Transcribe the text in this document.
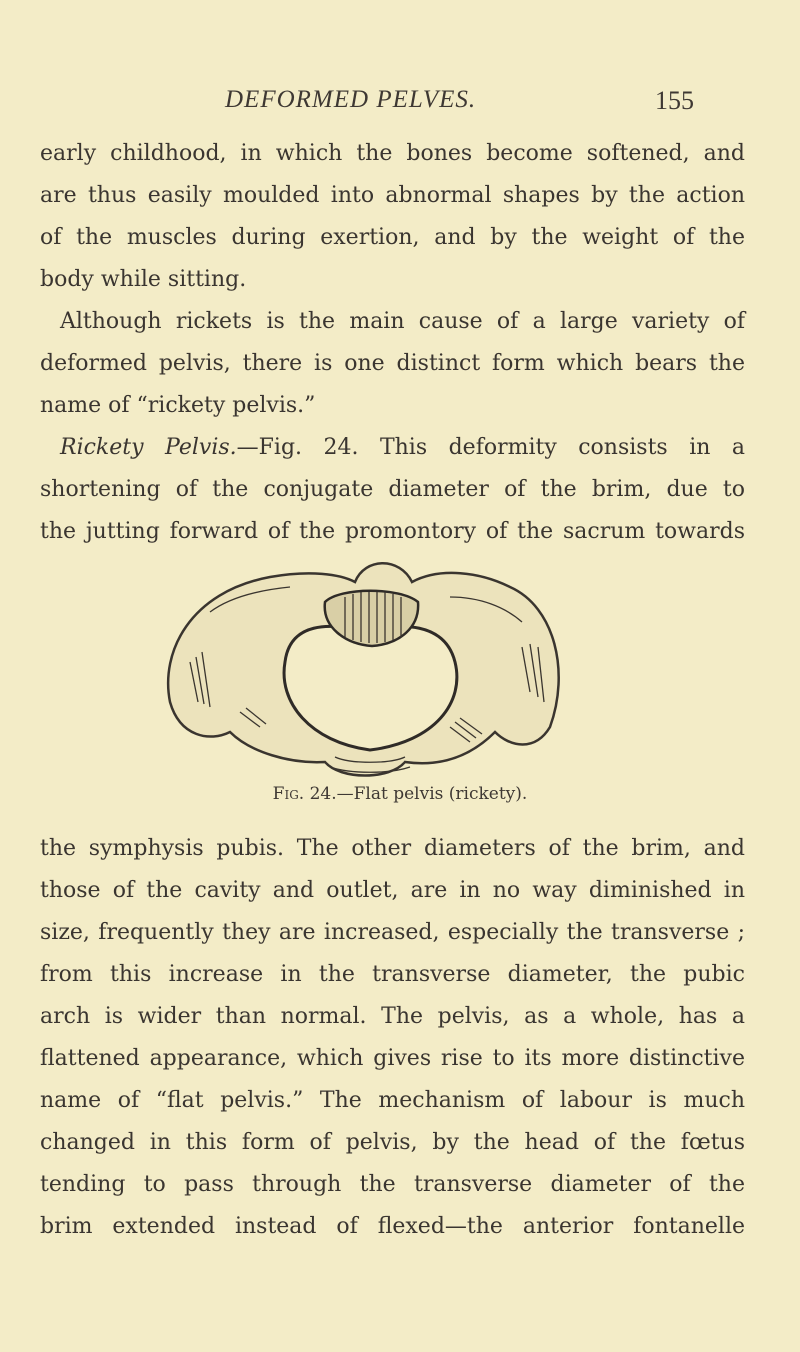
DEFORMED PELVES.	155
early childhood, in which the bones become softened, and
are thus easily moulded into abnormal shapes by the action
of the muscles during exertion, and by the weight of the
body while sitting.
Although rickets is the main cause of a large variety of
deformed pelvis, there is one distinct form which bears the
name of “rickety pelvis.”
Rickety Pelvis.—Fig. 24. This deformity consists in a
shortening of the conjugate diameter of the brim, due to
the jutting forward of the promontory of the sacrum towards
Fig. 24.—Flat pelvis (rickety).
the symphysis pubis. The other diameters of the brim, and
those of the cavity and outlet, are in no way diminished in
size, frequently they are increased, especially the transverse ;
from this increase in the transverse diameter, the pubic
arch is wider than normal. The pelvis, as a whole, has a
flattened appearance, which gives rise to its more distinctive
name of “flat pelvis.” The mechanism of labour is much
changed in this form of pelvis, by the head of the fœtus
tending to pass through the transverse diameter of the
brim extended instead of flexed—the anterior fontanelle
